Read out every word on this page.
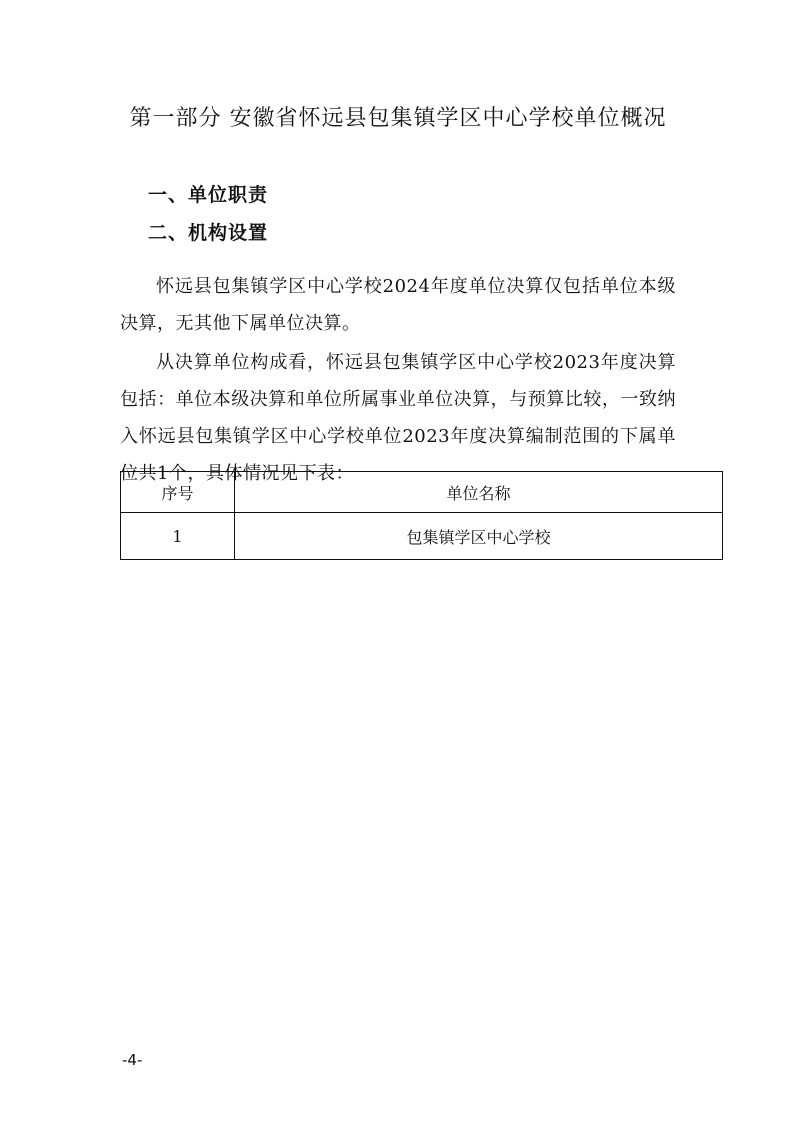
第一部分 安徽省怀远县包集镇学区中心学校单位概况
一、单位职责
二、机构设置

怀远县包集镇学区中心学校2024年度单位决算仅包括单位本级决算，无其他下属单位决算。

从决算单位构成看，怀远县包集镇学区中心学校2023年度决算包括：单位本级决算和单位所属事业单位决算，与预算比较，一致纳入怀远县包集镇学区中心学校单位2023年度决算编制范围的下属单位共1个，具体情况见下表：

序号	单位名称
1	包集镇学区中心学校
-4-
